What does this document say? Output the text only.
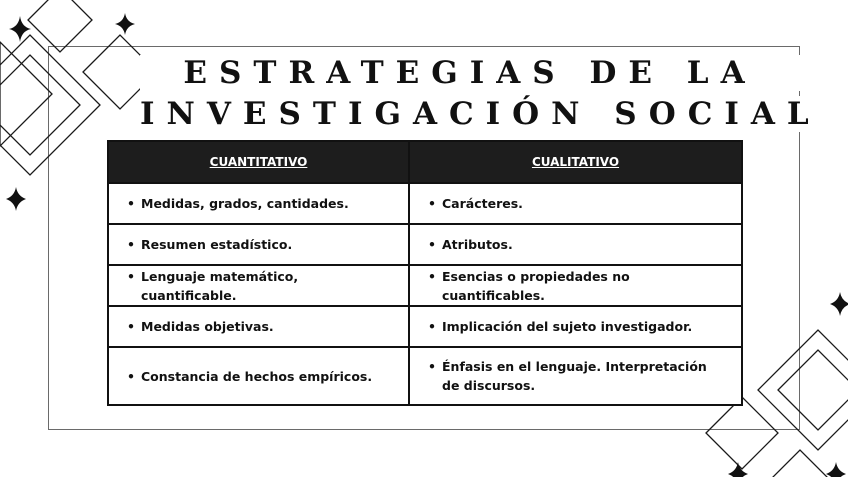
ESTRATEGIAS DE LA
INVESTIGACIÓN SOCIAL
CUANTITATIVO	CUALITATIVO

• Medidas, grados, cantidades.	• Carácteres.

• Resumen estadístico.	• Atributos.

• Lenguaje matemático, cuantificable.	• Esencias o propiedades no cuantificables.

• Medidas objetivas.	• Implicación del sujeto investigador.

• Constancia de hechos empíricos.	• Énfasis en el lenguaje. Interpretación de discursos.
